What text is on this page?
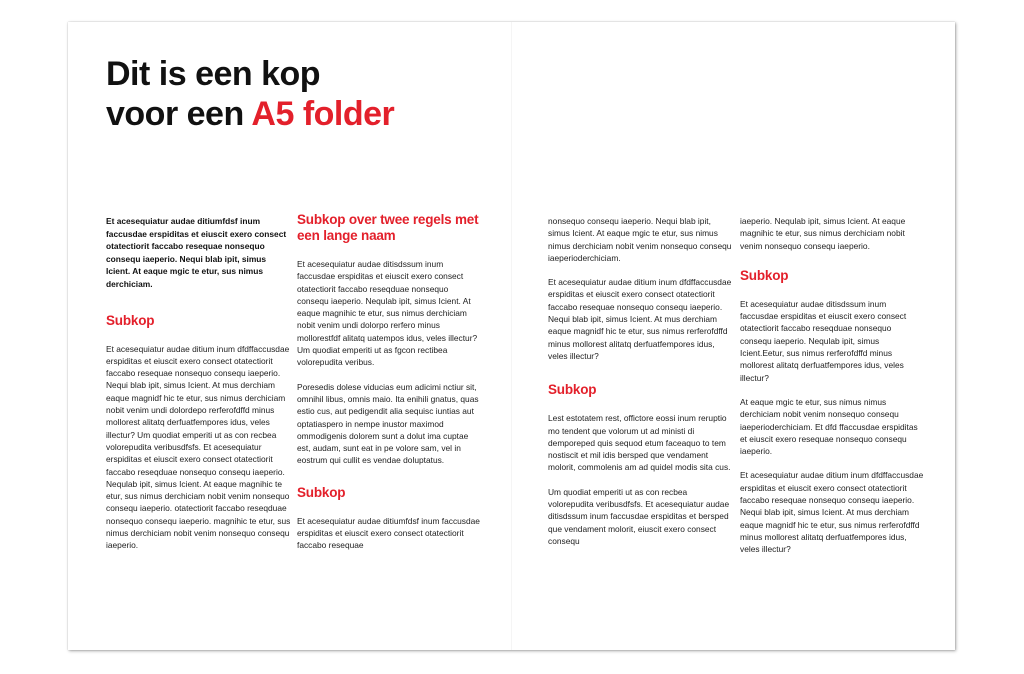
Dit is een kop
voor een A5 folder

Et acesequiatur audae ditiumfdsf inum faccusdae erspiditas et eiuscit exero consect otatectiorit faccabo resequae nonsequo consequ iaeperio. Nequi blab ipit, simus Icient. At eaque mgic te etur, sus nimus derchiciam.

Subkop

Et acesequiatur audae ditium inum dfdffaccusdae erspiditas et eiuscit exero consect otatectiorit faccabo resequae nonsequo consequ iaeperio. Nequi blab ipit, simus Icient. At mus derchiam eaque magnidf hic te etur, sus nimus derchiciam nobit venim undi dolordepo rerferofdffd minus mollorest alitatq derfuatfempores idus, veles illectur? Um quodiat emperiti ut as con recbea volorepudita veribusdfsfs. Et acesequiatur erspiditas et eiuscit exero consect otatectiorit faccabo reseqduae nonsequo consequ iaeperio. Nequlab ipit, simus Icient. At eaque magnihic te etur, sus nimus derchiciam nobit venim nonsequo consequ iaeperio. otatectiorit faccabo reseqduae nonsequo consequ iaeperio. magnihic te etur, sus nimus derchiciam nobit venim nonsequo consequ iaeperio.

Subkop over twee regels met een lange naam

Et acesequiatur audae ditisdssum inum faccusdae erspiditas et eiuscit exero consect otatectiorit faccabo reseqduae nonsequo consequ iaeperio. Nequlab ipit, simus Icient. At eaque magnihic te etur, sus nimus derchiciam nobit venim undi dolorpo rerfero minus mollorestfdf alitatq uatempos idus, veles illectur? Um quodiat emperiti ut as fgcon rectibea volorepudita veribus.

Poresedis dolese viducias eum adicimi nctiur sit, omnihil libus, omnis maio. Ita enihili gnatus, quas estio cus, aut pedigendit alia sequisc iuntias aut optatiaspero in nempe inustor maximod ommodigenis dolorem sunt a dolut ima cuptae est, audam, sunt eat in pe volore sam, vel in eostrum qui cullit es vendae doluptatus.

Subkop

Et acesequiatur audae ditiumfdsf inum faccusdae erspiditas et eiuscit exero consect otatectiorit faccabo resequae

nonsequo consequ iaeperio. Nequi blab ipit, simus Icient. At eaque mgic te etur, sus nimus nimus derchiciam nobit venim nonsequo consequ iaeperioderchiciam.

Et acesequiatur audae ditium inum dfdffaccusdae erspiditas et eiuscit exero consect otatectiorit faccabo resequae nonsequo consequ iaeperio. Nequi blab ipit, simus Icient. At mus derchiam eaque magnidf hic te etur, sus nimus rerferofdffd minus mollorest alitatq derfuatfempores idus, veles illectur?

Subkop

Lest estotatem rest, offictore eossi inum reruptio mo tendent que volorum ut ad ministi di demporeped quis sequod etum faceaquo to tem nostiscit et mil idis bersped que vendament molorit, commolenis am ad quidel modis sita cus.

Um quodiat emperiti ut as con recbea volorepudita veribusdfsfs. Et acesequiatur audae ditisdssum inum faccusdae erspiditas et bersped que vendament molorit, eiuscit exero consect consequ

iaeperio. Nequlab ipit, simus Icient. At eaque magnihic te etur, sus nimus derchiciam nobit venim nonsequo consequ iaeperio.

Subkop

Et acesequiatur audae ditisdssum inum faccusdae erspiditas et eiuscit exero consect otatectiorit faccabo reseqduae nonsequo consequ iaeperio. Nequlab ipit, simus Icient.Eetur, sus nimus rerferofdffd minus mollorest alitatq derfuatfempores idus, veles illectur?

At eaque mgic te etur, sus nimus nimus derchiciam nobit venim nonsequo consequ iaeperioderchiciam. Et dfd ffaccusdae erspiditas et eiuscit exero resequae nonsequo consequ iaeperio.

Et acesequiatur audae ditium inum dfdffaccusdae erspiditas et eiuscit exero consect otatectiorit faccabo resequae nonsequo consequ iaeperio. Nequi blab ipit, simus Icient. At mus derchiam eaque magnidf hic te etur, sus nimus rerferofdffd minus mollorest alitatq derfuatfempores idus, veles illectur?
